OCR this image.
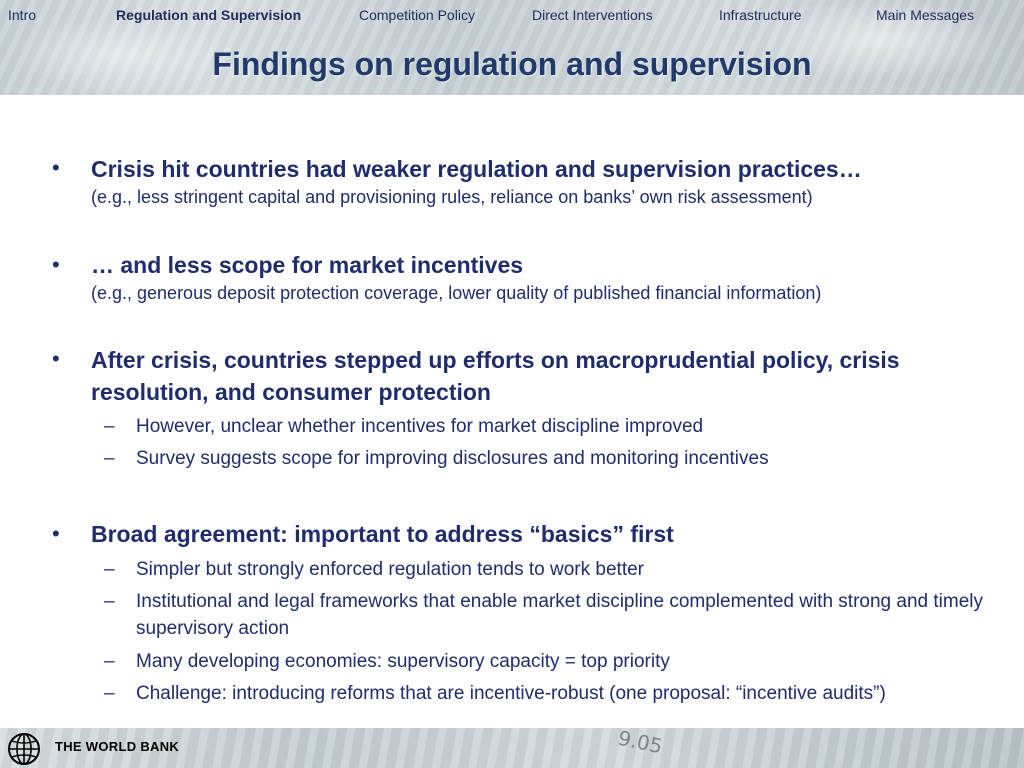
Intro	Regulation and Supervision	Competition Policy	Direct Interventions	Infrastructure	Main Messages
Findings on regulation and supervision
• Crisis hit countries had weaker regulation and supervision practices…
(e.g., less stringent capital and provisioning rules, reliance on banks’ own risk assessment)
• … and less scope for market incentives
(e.g., generous deposit protection coverage, lower quality of published financial information)
• After crisis, countries stepped up efforts on macroprudential policy, crisis resolution, and consumer protection
– However, unclear whether incentives for market discipline improved
– Survey suggests scope for improving disclosures and monitoring incentives
• Broad agreement: important to address “basics” first
– Simpler but strongly enforced regulation tends to work better
– Institutional and legal frameworks that enable market discipline complemented with strong and timely supervisory action
– Many developing economies: supervisory capacity = top priority
– Challenge: introducing reforms that are incentive-robust (one proposal: “incentive audits”)
THE WORLD BANK	9.05
